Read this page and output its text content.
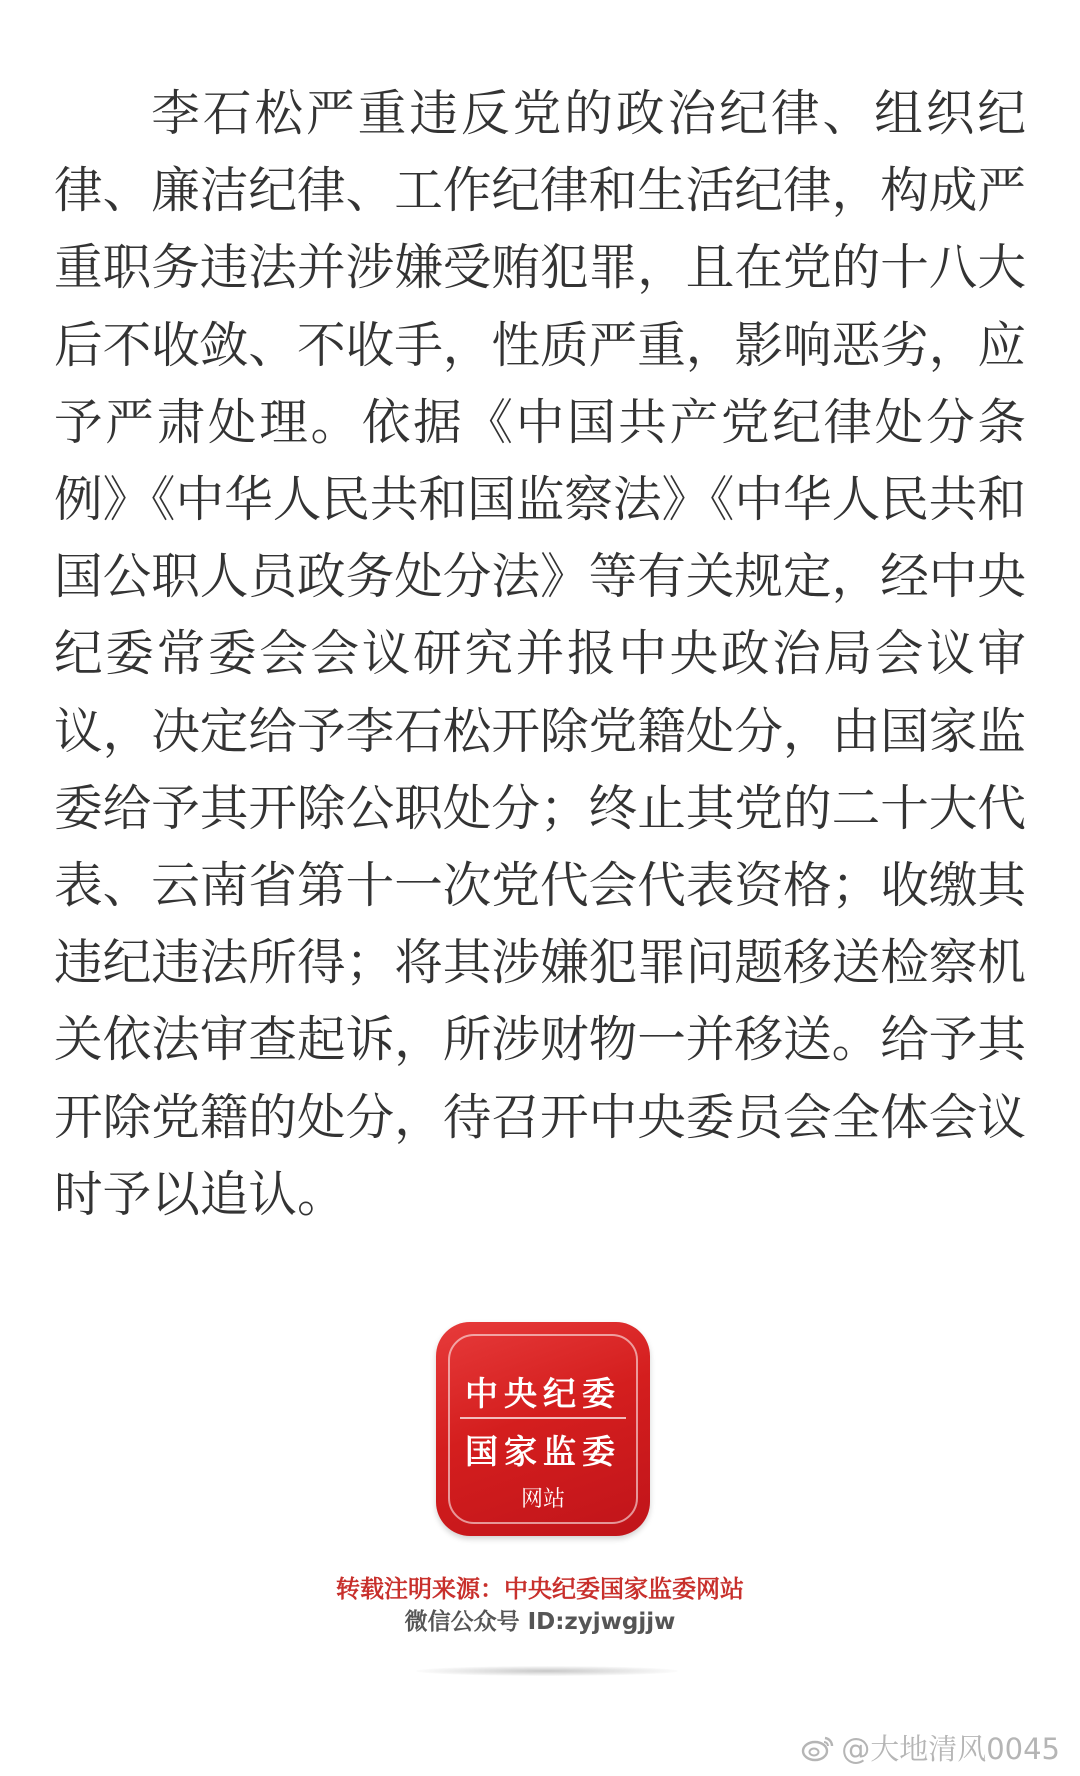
李石松严重违反党的政治纪律、组织纪律、廉洁纪律、工作纪律和生活纪律，构成严重职务违法并涉嫌受贿犯罪，且在党的十八大后不收敛、不收手，性质严重，影响恶劣，应予严肃处理。依据《中国共产党纪律处分条例》《中华人民共和国监察法》《中华人民共和国公职人员政务处分法》等有关规定，经中央纪委常委会会议研究并报中央政治局会议审议，决定给予李石松开除党籍处分，由国家监委给予其开除公职处分；终止其党的二十大代表、云南省第十一次党代会代表资格；收缴其违纪违法所得；将其涉嫌犯罪问题移送检察机关依法审查起诉，所涉财物一并移送。给予其开除党籍的处分，待召开中央委员会全体会议时予以追认。

中央纪委
国家监委
网站
转载注明来源：中央纪委国家监委网站
微信公众号 ID:zyjwgjjw
@大地清风0045
